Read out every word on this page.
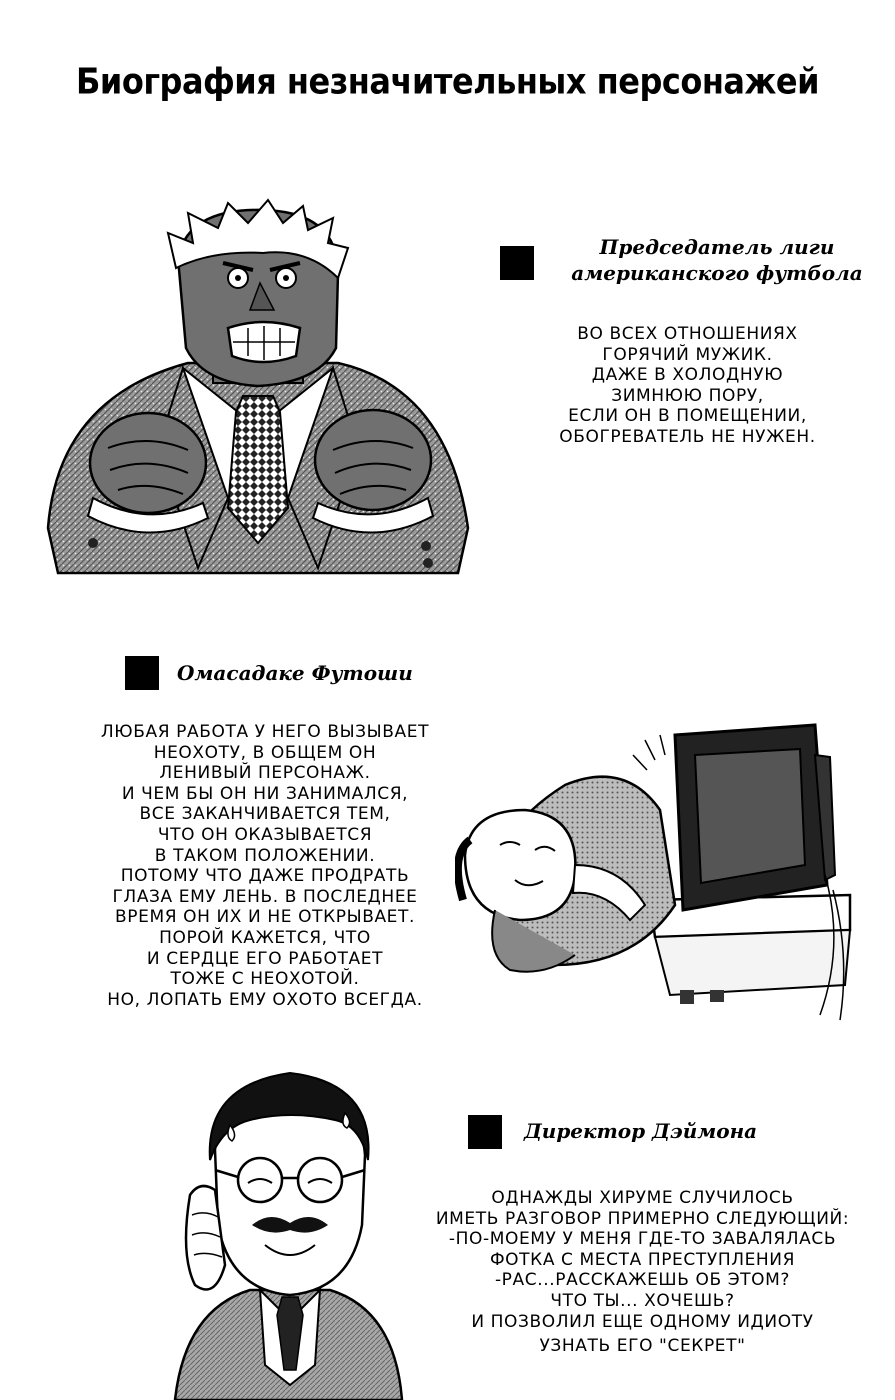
Биография незначительных персонажей
Председатель лиги
американского футбола
ВО ВСЕХ ОТНОШЕНИЯХ
ГОРЯЧИЙ МУЖИК.
ДАЖЕ В ХОЛОДНУЮ
ЗИМНЮЮ ПОРУ,
ЕСЛИ ОН В ПОМЕЩЕНИИ,
ОБОГРЕВАТЕЛЬ НЕ НУЖЕН.
Омасадаке Футоши
ЛЮБАЯ РАБОТА У НЕГО ВЫЗЫВАЕТ
НЕОХОТУ, В ОБЩЕМ ОН
ЛЕНИВЫЙ ПЕРСОНАЖ.
И ЧЕМ БЫ ОН НИ ЗАНИМАЛСЯ,
ВСЕ ЗАКАНЧИВАЕТСЯ ТЕМ,
ЧТО ОН ОКАЗЫВАЕТСЯ
В ТАКОМ ПОЛОЖЕНИИ.
ПОТОМУ ЧТО ДАЖЕ ПРОДРАТЬ
ГЛАЗА ЕМУ ЛЕНЬ. В ПОСЛЕДНЕЕ
ВРЕМЯ ОН ИХ И НЕ ОТКРЫВАЕТ.
ПОРОЙ КАЖЕТСЯ, ЧТО
И СЕРДЦЕ ЕГО РАБОТАЕТ
ТОЖЕ С НЕОХОТОЙ.
НО, ЛОПАТЬ ЕМУ ОХОТО ВСЕГДА.
Директор Дэймона
ОДНАЖДЫ ХИРУМЕ СЛУЧИЛОСЬ
ИМЕТЬ РАЗГОВОР ПРИМЕРНО СЛЕДУЮЩИЙ:
-ПО-МОЕМУ У МЕНЯ ГДЕ-ТО ЗАВАЛЯЛАСЬ
ФОТКА С МЕСТА ПРЕСТУПЛЕНИЯ
-РАС...РАССКАЖЕШЬ ОБ ЭТОМ?
ЧТО ТЫ... ХОЧЕШЬ?
И ПОЗВОЛИЛ ЕЩЕ ОДНОМУ ИДИОТУ
УЗНАТЬ ЕГО "СЕКРЕТ"
